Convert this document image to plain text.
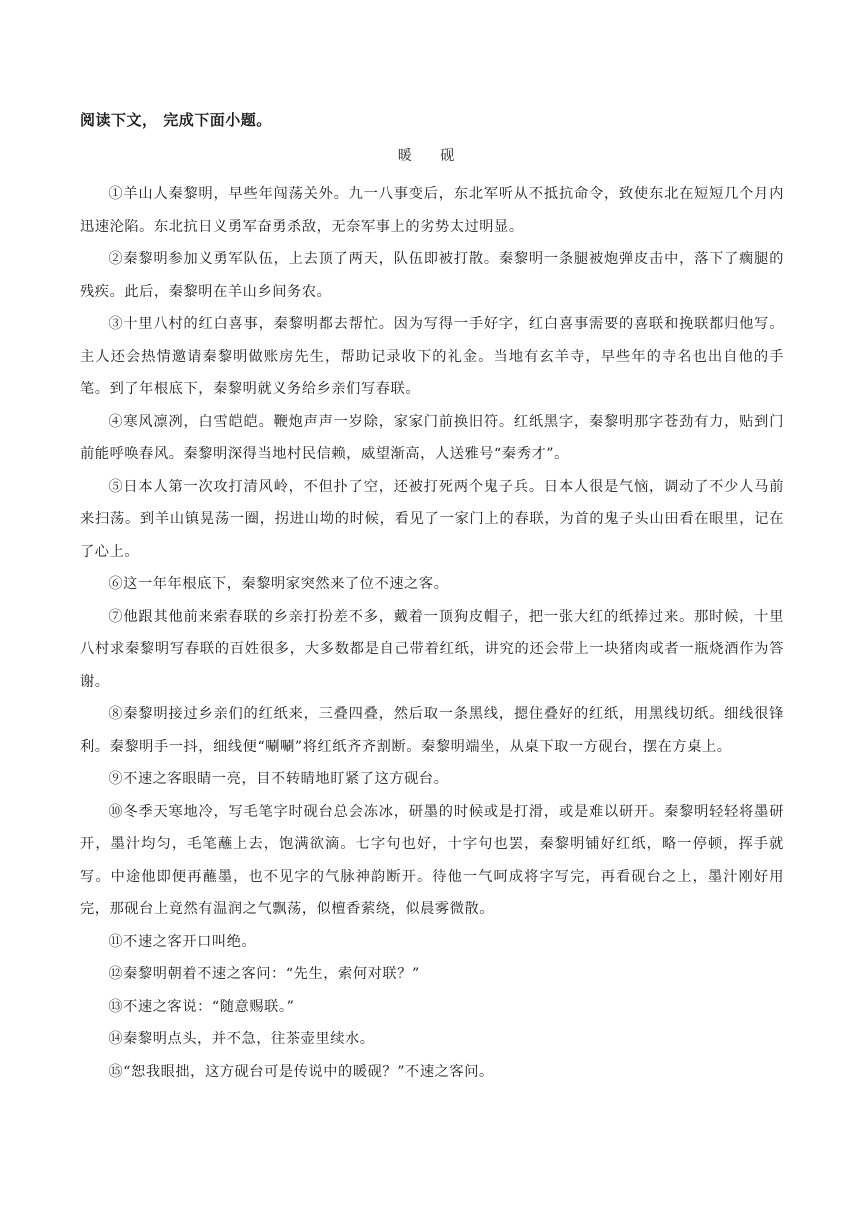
阅读下文， 完成下面小题。

暖 砚

①羊山人秦黎明，早些年闯荡关外。九一八事变后，东北军听从不抵抗命令，致使东北在短短几个月内迅速沦陷。东北抗日义勇军奋勇杀敌，无奈军事上的劣势太过明显。

②秦黎明参加义勇军队伍，上去顶了两天，队伍即被打散。秦黎明一条腿被炮弹皮击中，落下了瘸腿的残疾。此后，秦黎明在羊山乡间务农。

③十里八村的红白喜事，秦黎明都去帮忙。因为写得一手好字，红白喜事需要的喜联和挽联都归他写。主人还会热情邀请秦黎明做账房先生，帮助记录收下的礼金。当地有玄羊寺，早些年的寺名也出自他的手笔。到了年根底下，秦黎明就义务给乡亲们写春联。

④寒风凛冽，白雪皑皑。鞭炮声声一岁除，家家门前换旧符。红纸黑字，秦黎明那字苍劲有力，贴到门前能呼唤春风。秦黎明深得当地村民信赖，威望渐高，人送雅号“秦秀才”。

⑤日本人第一次攻打清风岭，不但扑了空，还被打死两个鬼子兵。日本人很是气恼，调动了不少人马前来扫荡。到羊山镇晃荡一圈，拐进山坳的时候，看见了一家门上的春联，为首的鬼子头山田看在眼里，记在了心上。

⑥这一年年根底下，秦黎明家突然来了位不速之客。

⑦他跟其他前来索春联的乡亲打扮差不多，戴着一顶狗皮帽子，把一张大红的纸捧过来。那时候，十里八村求秦黎明写春联的百姓很多，大多数都是自己带着红纸，讲究的还会带上一块猪肉或者一瓶烧酒作为答谢。

⑧秦黎明接过乡亲们的红纸来，三叠四叠，然后取一条黑线，摁住叠好的红纸，用黑线切纸。细线很锋利。秦黎明手一抖，细线便“唰唰”将红纸齐齐割断。秦黎明端坐，从桌下取一方砚台，摆在方桌上。

⑨不速之客眼睛一亮，目不转睛地盯紧了这方砚台。

⑩冬季天寒地冷，写毛笔字时砚台总会冻冰，研墨的时候或是打滑，或是难以研开。秦黎明轻轻将墨研开，墨汁均匀，毛笔蘸上去，饱满欲滴。七字句也好，十字句也罢，秦黎明铺好红纸，略一停顿，挥手就写。中途他即便再蘸墨，也不见字的气脉神韵断开。待他一气呵成将字写完，再看砚台之上，墨汁刚好用完，那砚台上竟然有温润之气飘荡，似檀香萦绕，似晨雾微散。

⑪不速之客开口叫绝。

⑫秦黎明朝着不速之客问：“先生，索何对联？”

⑬不速之客说：“随意赐联。”

⑭秦黎明点头，并不急，往茶壶里续水。

⑮“恕我眼拙，这方砚台可是传说中的暖砚？”不速之客问。
